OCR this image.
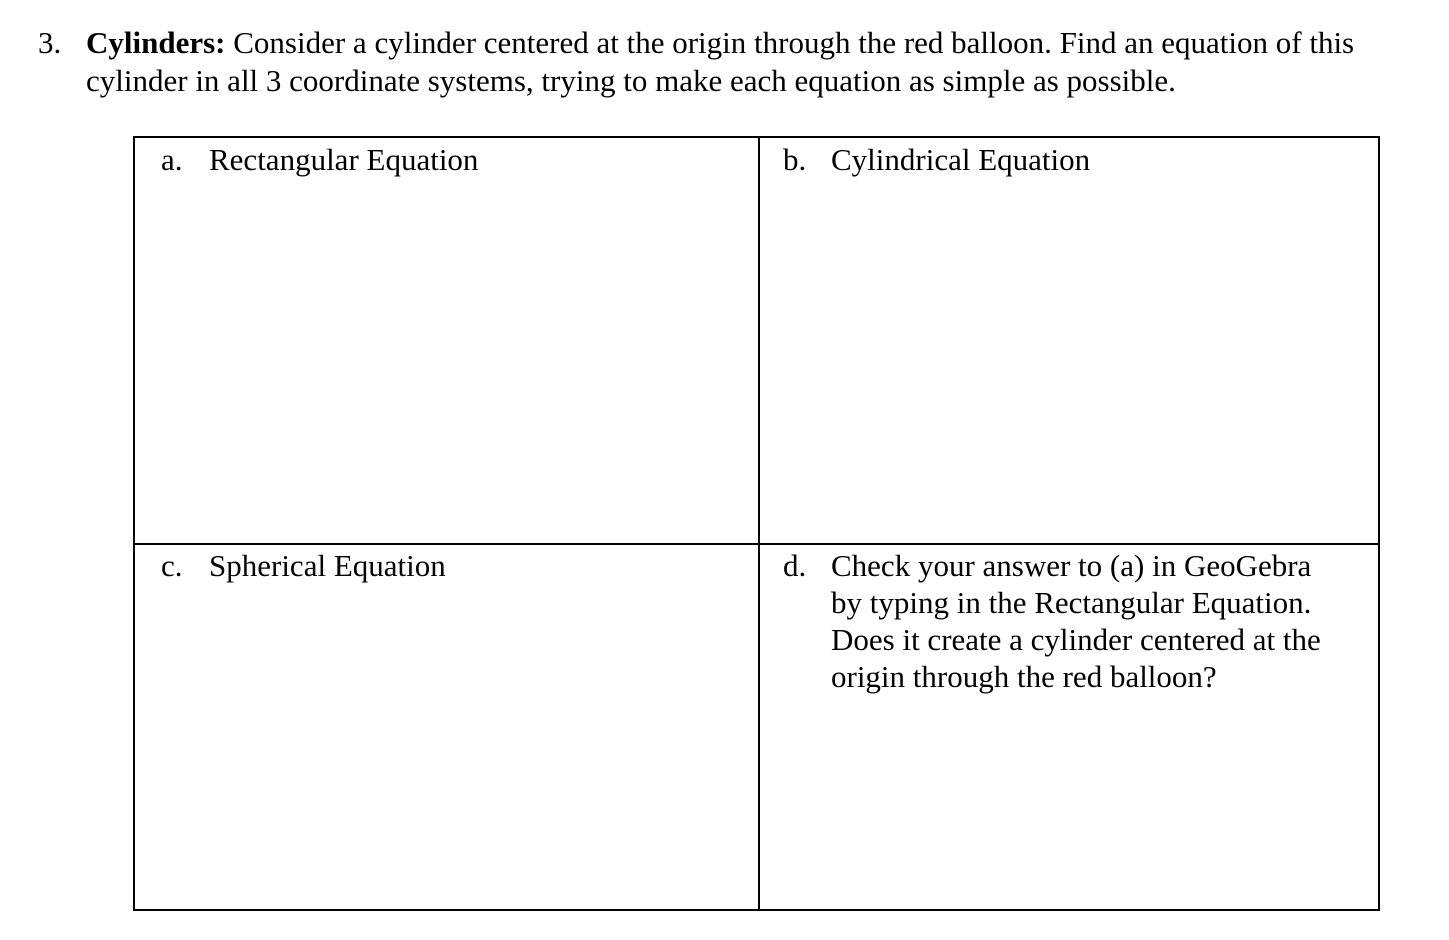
3. Cylinders: Consider a cylinder centered at the origin through the red balloon. Find an equation of this cylinder in all 3 coordinate systems, trying to make each equation as simple as possible.
a. Rectangular Equation	b. Cylindrical Equation
c. Spherical Equation	d. Check your answer to (a) in GeoGebra
by typing in the Rectangular Equation.
Does it create a cylinder centered at the
origin through the red balloon?
